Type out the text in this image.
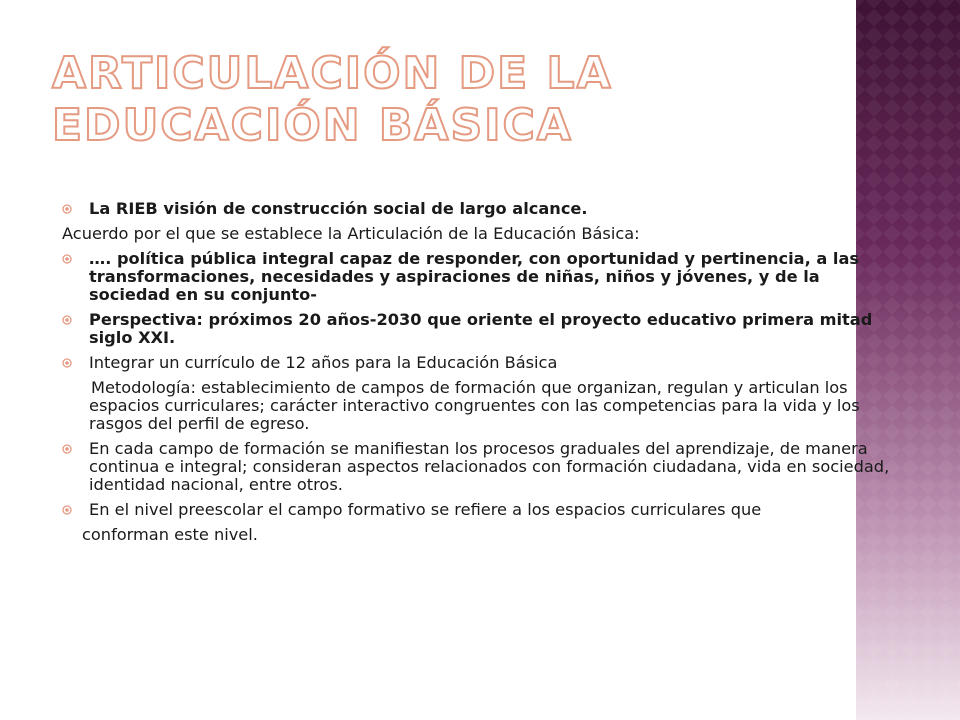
ARTICULACIÓN DE LA EDUCACIÓN BÁSICA
La RIEB visión de construcción social de largo alcance.
Acuerdo por el que se establece la Articulación de la Educación Básica:
…. política pública integral capaz de responder, con oportunidad y pertinencia, a las transformaciones, necesidades y aspiraciones de niñas, niños y jóvenes, y de la sociedad en su conjunto-
Perspectiva: próximos 20 años-2030 que oriente el proyecto educativo primera mitad siglo XXI.
Integrar un currículo de 12 años para la Educación Básica
Metodología: establecimiento de campos de formación que organizan, regulan y articulan los espacios curriculares; carácter interactivo congruentes con las competencias para la vida y los rasgos del perfil de egreso.
En cada campo de formación se manifiestan los procesos graduales del aprendizaje, de manera continua e integral; consideran aspectos relacionados con formación ciudadana, vida en sociedad, identidad nacional, entre otros.
En el nivel preescolar el campo formativo se refiere a los espacios curriculares que
conforman este nivel.
